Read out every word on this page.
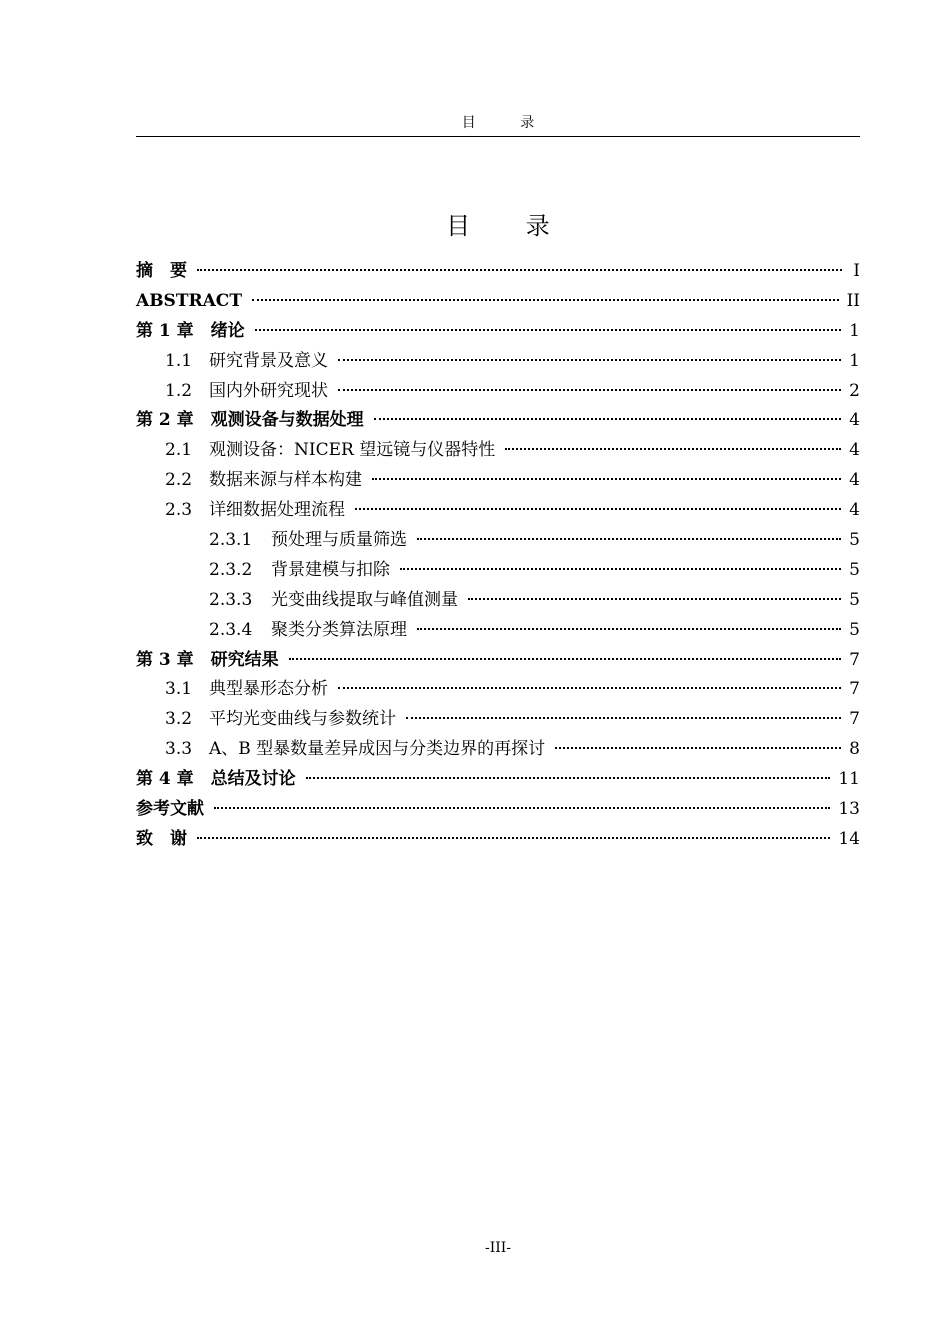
目 录
目 录
摘　要	I
ABSTRACT	II
第 1 章　绪论	1
1.1 研究背景及意义	1
1.2 国内外研究现状	2
第 2 章　观测设备与数据处理	4
2.1 观测设备：NICER 望远镜与仪器特性	4
2.2 数据来源与样本构建	4
2.3 详细数据处理流程	4
2.3.1	预处理与质量筛选	5
2.3.2	背景建模与扣除	5
2.3.3	光变曲线提取与峰值测量	5
2.3.4	聚类分类算法原理	5
第 3 章　研究结果	7
3.1 典型暴形态分析	7
3.2 平均光变曲线与参数统计	7
3.3 A、B 型暴数量差异成因与分类边界的再探讨	8
第 4 章　总结及讨论	11
参考文献	13
致　谢	14
-III-
